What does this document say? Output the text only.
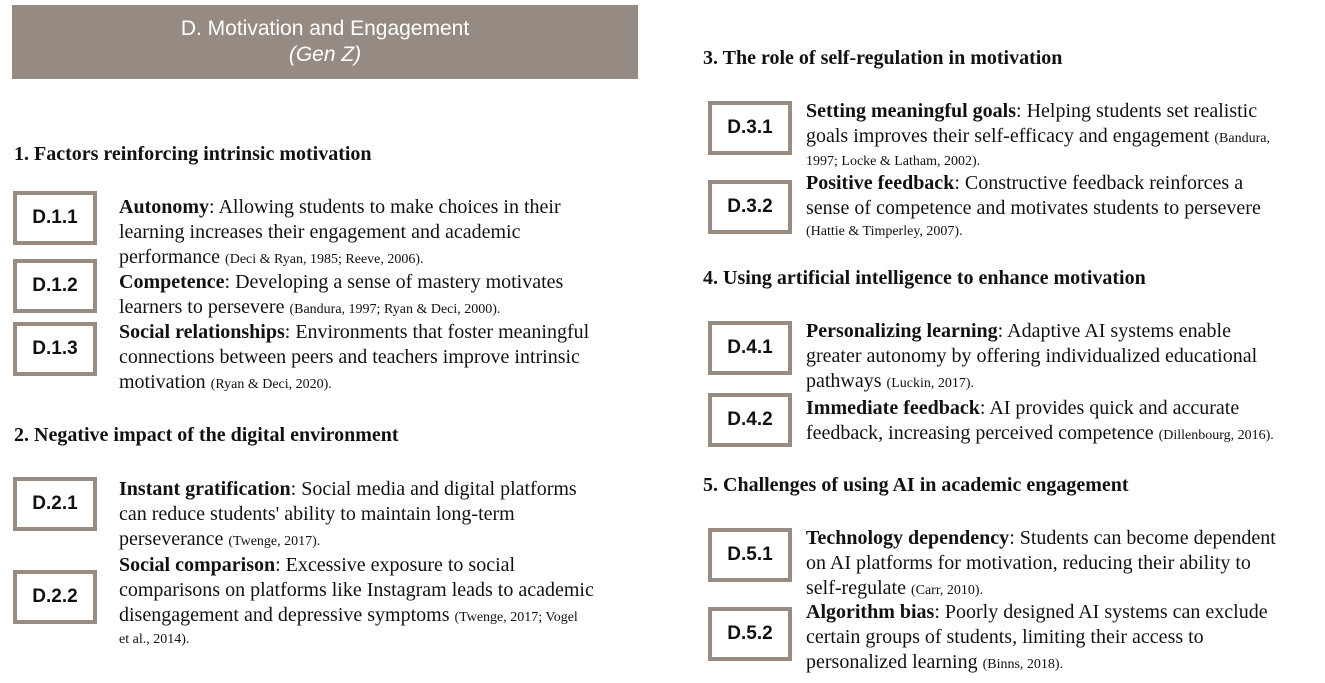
D. Motivation and Engagement
(Gen Z)
1. Factors reinforcing intrinsic motivation
D.1.1	Autonomy: Allowing students to make choices in their
learning increases their engagement and academic
performance (Deci & Ryan, 1985; Reeve, 2006).
D.1.2	Competence: Developing a sense of mastery motivates
learners to persevere (Bandura, 1997; Ryan & Deci, 2000).
D.1.3
Social relationships: Environments that foster meaningful
connections between peers and teachers improve intrinsic
motivation (Ryan & Deci, 2020).
2. Negative impact of the digital environment
D.2.1
Instant gratification: Social media and digital platforms
can reduce students' ability to maintain long-term
perseverance (Twenge, 2017).
D.2.2
Social comparison: Excessive exposure to social
comparisons on platforms like Instagram leads to academic
disengagement and depressive symptoms (Twenge, 2017; Vogel
et al., 2014).
3. The role of self-regulation in motivation
D.3.1
Setting meaningful goals: Helping students set realistic
goals improves their self-efficacy and engagement (Bandura,
1997; Locke & Latham, 2002).
D.3.2
Positive feedback: Constructive feedback reinforces a
sense of competence and motivates students to persevere
(Hattie & Timperley, 2007).
4. Using artificial intelligence to enhance motivation
D.4.1
Personalizing learning: Adaptive AI systems enable
greater autonomy by offering individualized educational
pathways (Luckin, 2017).
D.4.2
Immediate feedback: AI provides quick and accurate
feedback, increasing perceived competence (Dillenbourg, 2016).
5. Challenges of using AI in academic engagement
D.5.1
Technology dependency: Students can become dependent
on AI platforms for motivation, reducing their ability to
self-regulate (Carr, 2010).
D.5.2
Algorithm bias: Poorly designed AI systems can exclude
certain groups of students, limiting their access to
personalized learning (Binns, 2018).
